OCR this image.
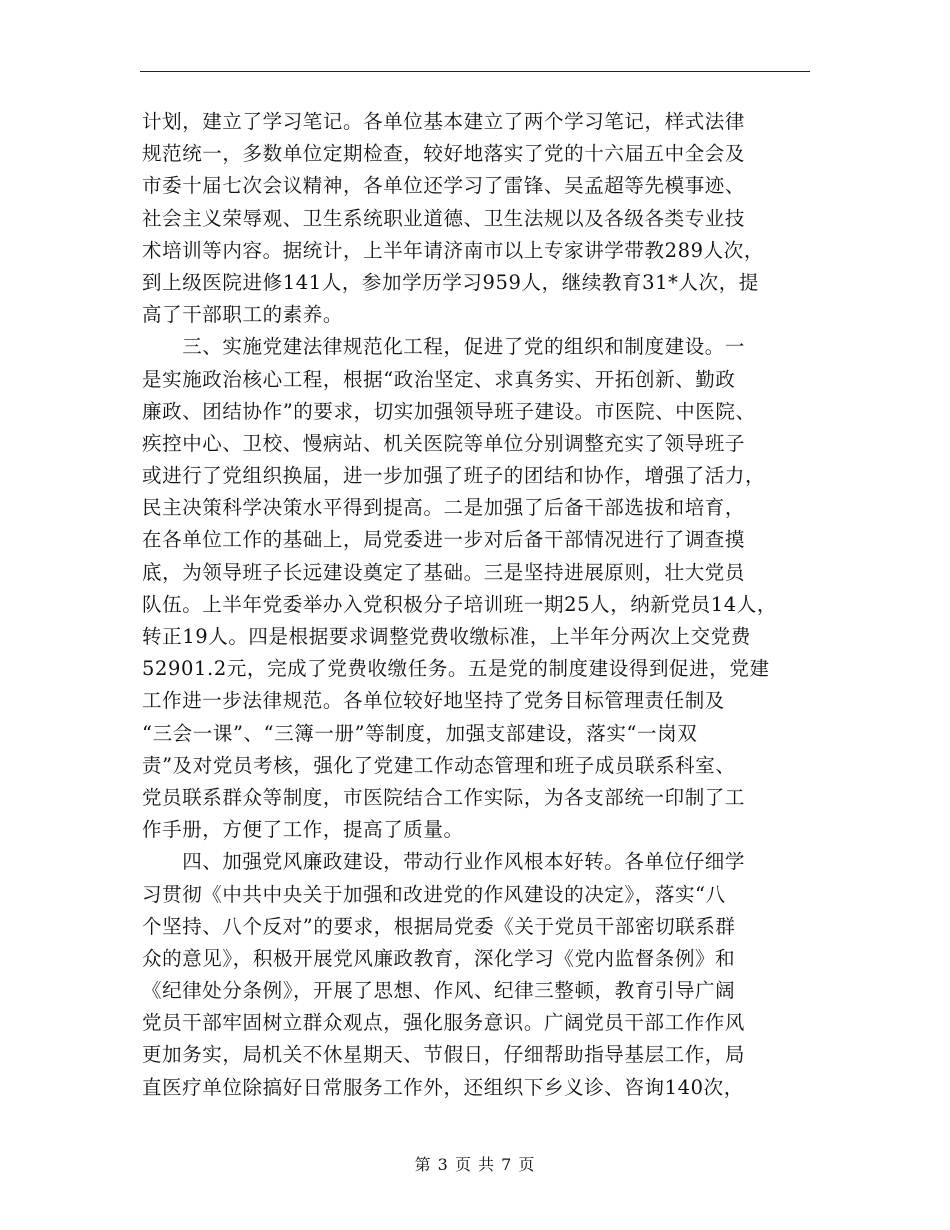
计划，建立了学习笔记。各单位基本建立了两个学习笔记，样式法律
规范统一，多数单位定期检查，较好地落实了党的十六届五中全会及
市委十届七次会议精神，各单位还学习了雷锋、吴孟超等先模事迹、
社会主义荣辱观、卫生系统职业道德、卫生法规以及各级各类专业技
术培训等内容。据统计，上半年请济南市以上专家讲学带教289人次，
到上级医院进修141人，参加学历学习959人，继续教育31*人次，提
高了干部职工的素养。
　　三、实施党建法律规范化工程，促进了党的组织和制度建设。一
是实施政治核心工程，根据“政治坚定、求真务实、开拓创新、勤政
廉政、团结协作”的要求，切实加强领导班子建设。市医院、中医院、
疾控中心、卫校、慢病站、机关医院等单位分别调整充实了领导班子
或进行了党组织换届，进一步加强了班子的团结和协作，增强了活力，
民主决策科学决策水平得到提高。二是加强了后备干部选拔和培育，
在各单位工作的基础上，局党委进一步对后备干部情况进行了调查摸
底，为领导班子长远建设奠定了基础。三是坚持进展原则，壮大党员
队伍。上半年党委举办入党积极分子培训班一期25人，纳新党员14人，
转正19人。四是根据要求调整党费收缴标准，上半年分两次上交党费
52901.2元，完成了党费收缴任务。五是党的制度建设得到促进，党建
工作进一步法律规范。各单位较好地坚持了党务目标管理责任制及
“三会一课”、“三簿一册”等制度，加强支部建设，落实“一岗双
责”及对党员考核，强化了党建工作动态管理和班子成员联系科室、
党员联系群众等制度，市医院结合工作实际，为各支部统一印制了工
作手册，方便了工作，提高了质量。
　　四、加强党风廉政建设，带动行业作风根本好转。各单位仔细学
习贯彻《中共中央关于加强和改进党的作风建设的决定》，落实“八
个坚持、八个反对”的要求，根据局党委《关于党员干部密切联系群
众的意见》，积极开展党风廉政教育，深化学习《党内监督条例》和
《纪律处分条例》，开展了思想、作风、纪律三整顿，教育引导广阔
党员干部牢固树立群众观点，强化服务意识。广阔党员干部工作作风
更加务实，局机关不休星期天、节假日，仔细帮助指导基层工作，局
直医疗单位除搞好日常服务工作外，还组织下乡义诊、咨询140次，
第 3 页 共 7 页
